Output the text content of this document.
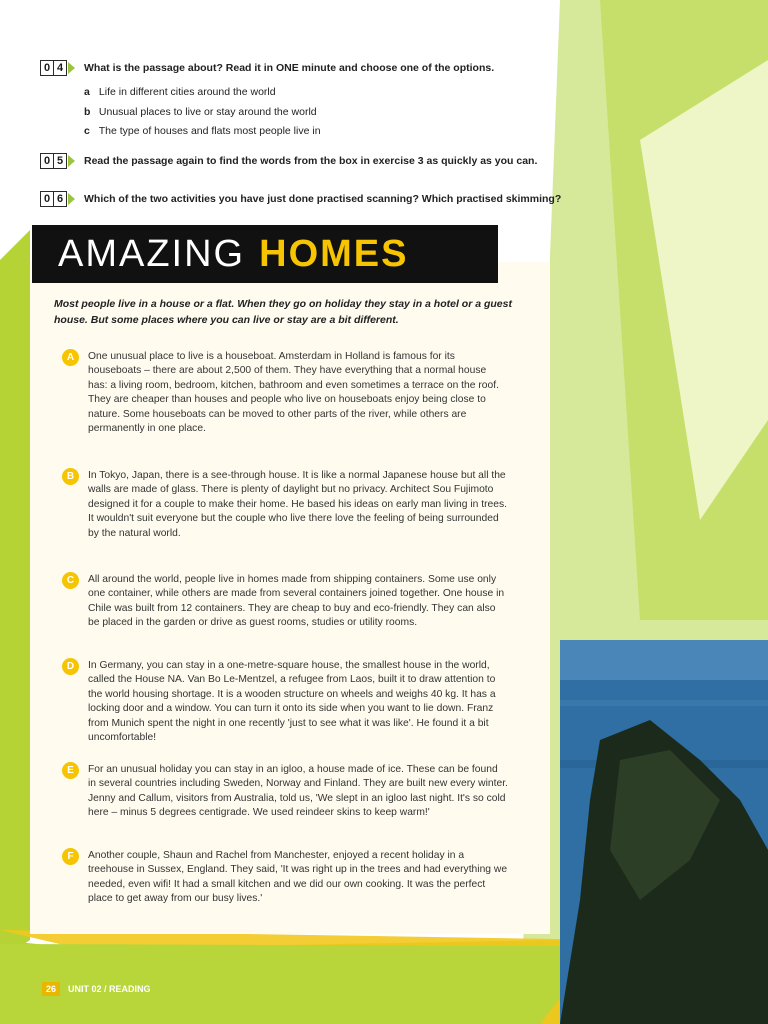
0 4	What is the passage about? Read it in ONE minute and choose one of the options.
a Life in different cities around the world
b Unusual places to live or stay around the world
c The type of houses and flats most people live in
0 5	Read the passage again to find the words from the box in exercise 3 as quickly as you can.
0 6	Which of the two activities you have just done practised scanning? Which practised skimming?
AMAZING HOMES
Most people live in a house or a flat. When they go on holiday they stay in a hotel or a guest house. But some places where you can live or stay are a bit different.
A	One unusual place to live is a houseboat. Amsterdam in Holland is famous for its houseboats – there are about 2,500 of them. They have everything that a normal house has: a living room, bedroom, kitchen, bathroom and even sometimes a terrace on the roof. They are cheaper than houses and people who live on houseboats enjoy being close to nature. Some houseboats can be moved to other parts of the river, while others are permanently in one place.
B	In Tokyo, Japan, there is a see-through house. It is like a normal Japanese house but all the walls are made of glass. There is plenty of daylight but no privacy. Architect Sou Fujimoto designed it for a couple to make their home. He based his ideas on early man living in trees. It wouldn't suit everyone but the couple who live there love the feeling of being surrounded by the natural world.
C	All around the world, people live in homes made from shipping containers. Some use only one container, while others are made from several containers joined together. One house in Chile was built from 12 containers. They are cheap to buy and eco-friendly. They can also be placed in the garden or drive as guest rooms, studies or utility rooms.
D	In Germany, you can stay in a one-metre-square house, the smallest house in the world, called the House NA. Van Bo Le-Mentzel, a refugee from Laos, built it to draw attention to the world housing shortage. It is a wooden structure on wheels and weighs 40 kg. It has a locking door and a window. You can turn it onto its side when you want to lie down. Franz from Munich spent the night in one recently 'just to see what it was like'. He found it a bit uncomfortable!
E	For an unusual holiday you can stay in an igloo, a house made of ice. These can be found in several countries including Sweden, Norway and Finland. They are built new every winter. Jenny and Callum, visitors from Australia, told us, 'We slept in an igloo last night. It's so cold here – minus 5 degrees centigrade. We used reindeer skins to keep warm!'
F	Another couple, Shaun and Rachel from Manchester, enjoyed a recent holiday in a treehouse in Sussex, England. They said, 'It was right up in the trees and had everything we needed, even wifi! It had a small kitchen and we did our own cooking. It was the perfect place to get away from our busy lives.'
26	UNIT 02 / READING
